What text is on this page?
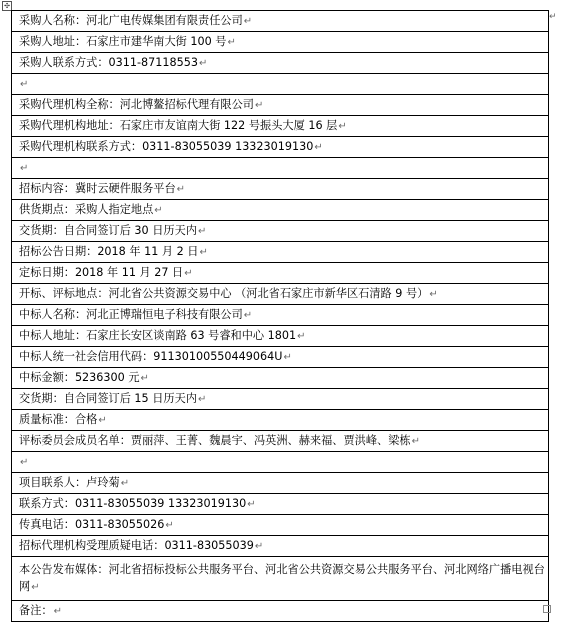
✣
采购人名称：河北广电传媒集团有限责任公司↵
采购人地址：石家庄市建华南大街 100 号↵
采购人联系方式：0311-87118553↵
↵
采购代理机构全称：河北博鳌招标代理有限公司↵
采购代理机构地址：石家庄市友谊南大街 122 号振头大厦 16 层↵
采购代理机构联系方式：0311-83055039 13323019130↵
↵
招标内容：冀时云硬件服务平台↵
供货期点：采购人指定地点↵
交货期：自合同签订后 30 日历天内↵
招标公告日期：2018 年 11 月 2 日↵
定标日期：2018 年 11 月 27 日↵
开标、评标地点：河北省公共资源交易中心 （河北省石家庄市新华区石清路 9 号）↵
中标人名称：河北正博瑞恒电子科技有限公司↵
中标人地址：石家庄长安区谈南路 63 号睿和中心 1801↵
中标人统一社会信用代码：91130100550449064U↵
中标金额：5236300 元↵
交货期：自合同签订后 15 日历天内↵
质量标准：合格↵
评标委员会成员名单：贾丽萍、王菁、魏晨宇、冯英洲、赫来福、贾洪峰、梁栋↵
↵
项目联系人：卢玲菊↵
联系方式：0311-83055039 13323019130↵
传真电话：0311-83055026↵
招标代理机构受理质疑电话：0311-83055039↵
本公告发布媒体：河北省招标投标公共服务平台、河北省公共资源交易公共服务平台、河北网络广播电视台网↵
备注：↵
↵
